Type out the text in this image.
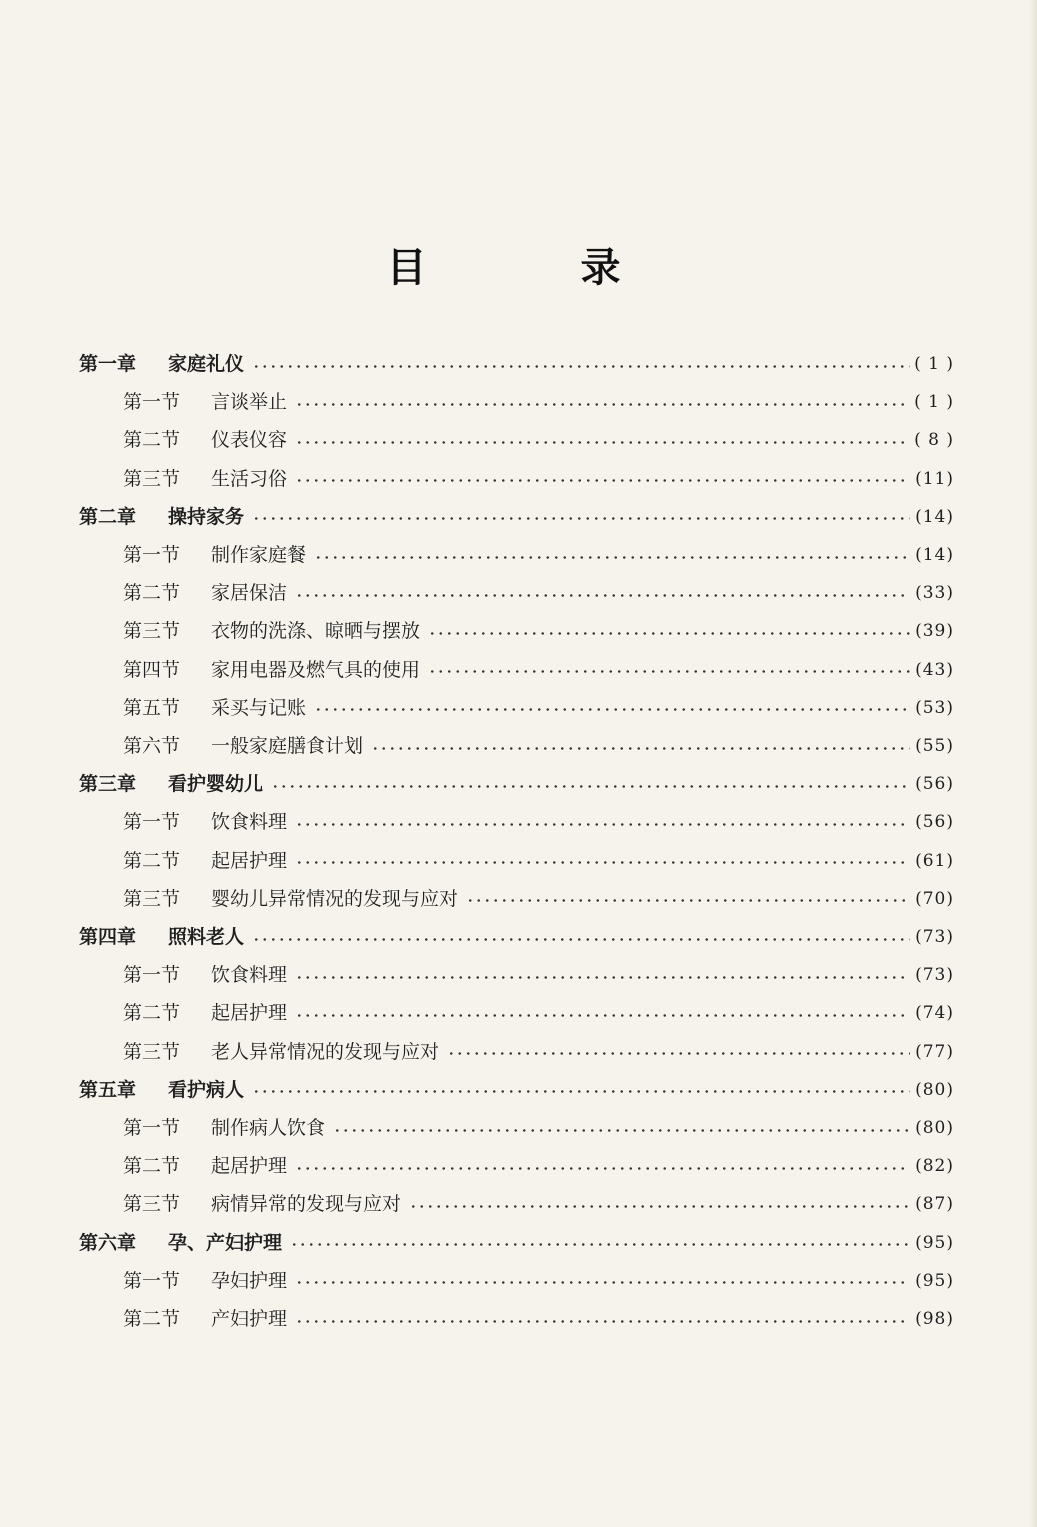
目 录
第一章	家庭礼仪	( 1 )
第一节	言谈举止	( 1 )
第二节	仪表仪容	( 8 )
第三节	生活习俗	(11)
第二章	操持家务	(14)
第一节	制作家庭餐	(14)
第二节	家居保洁	(33)
第三节	衣物的洗涤、晾晒与摆放	(39)
第四节	家用电器及燃气具的使用	(43)
第五节	采买与记账	(53)
第六节	一般家庭膳食计划	(55)
第三章	看护婴幼儿	(56)
第一节	饮食料理	(56)
第二节	起居护理	(61)
第三节	婴幼儿异常情况的发现与应对	(70)
第四章	照料老人	(73)
第一节	饮食料理	(73)
第二节	起居护理	(74)
第三节	老人异常情况的发现与应对	(77)
第五章	看护病人	(80)
第一节	制作病人饮食	(80)
第二节	起居护理	(82)
第三节	病情异常的发现与应对	(87)
第六章	孕、产妇护理	(95)
第一节	孕妇护理	(95)
第二节	产妇护理	(98)
